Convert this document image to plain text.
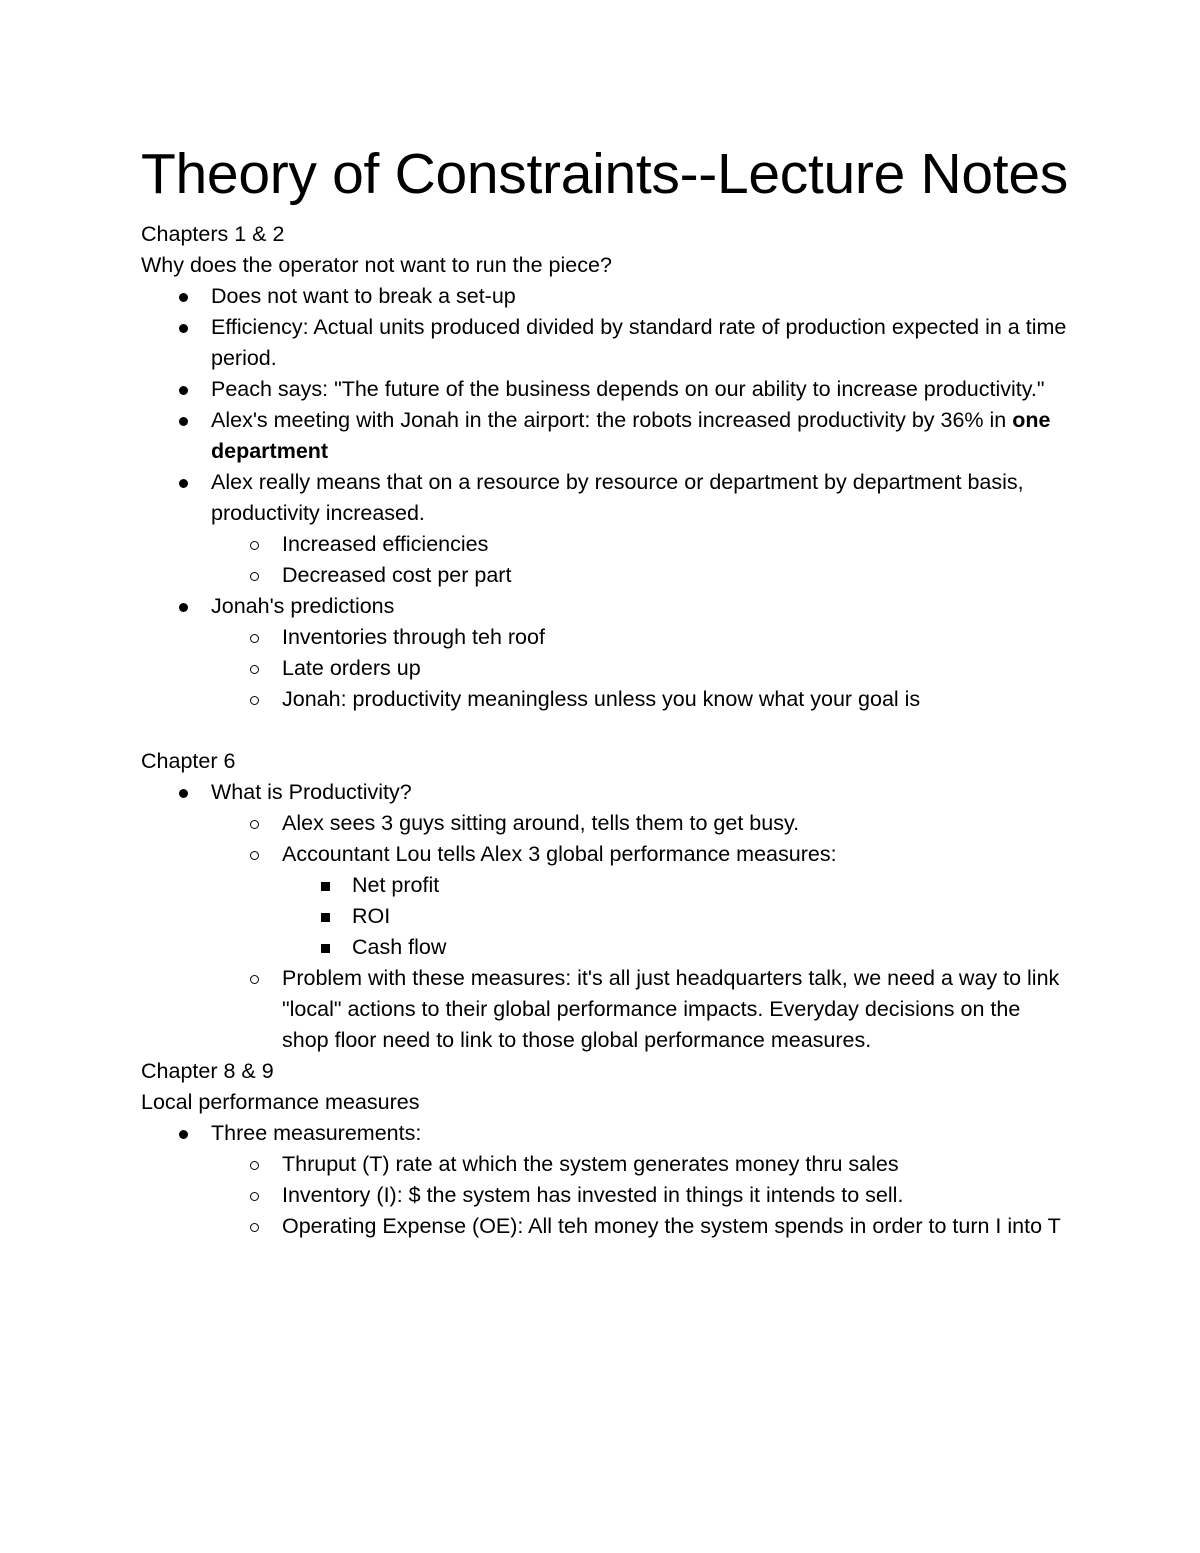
Theory of Constraints--Lecture Notes

Chapters 1 & 2

Why does the operator not want to run the piece?

Does not want to break a set-up
Efficiency: Actual units produced divided by standard rate of production expected in a time period.
Peach says: "The future of the business depends on our ability to increase productivity."
Alex's meeting with Jonah in the airport: the robots increased productivity by 36% in one department
Alex really means that on a resource by resource or department by department basis, productivity increased.
Increased efficiencies
Decreased cost per part
Jonah's predictions
Inventories through teh roof
Late orders up
Jonah: productivity meaningless unless you know what your goal is

Chapter 6

What is Productivity?
Alex sees 3 guys sitting around, tells them to get busy.
Accountant Lou tells Alex 3 global performance measures:
Net profit
ROI
Cash flow
Problem with these measures: it's all just headquarters talk, we need a way to link "local" actions to their global performance impacts. Everyday decisions on the shop floor need to link to those global performance measures.

Chapter 8 & 9

Local performance measures

Three measurements:
Thruput (T) rate at which the system generates money thru sales
Inventory (I): $ the system has invested in things it intends to sell.
Operating Expense (OE): All teh money the system spends in order to turn I into T
